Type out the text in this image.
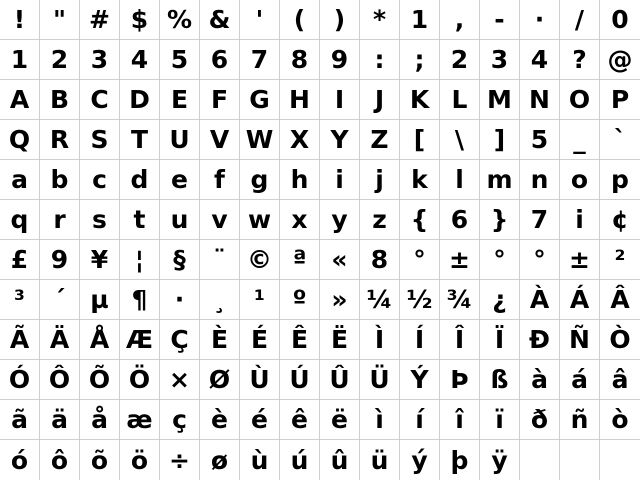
! " # $ % & ' ( ) * 1 , - · / 0
1 2 3 4 5 6 7 8 9 : ; 2 3 4 ? @
A B C D E F G H I J K L M N O P
Q R S T U V W X Y Z [ \ ] 5 _ `
a b c d e f g h i j k l m n o p
q r s t u v w x y z { 6 } 7 i ¢
£ 9 ¥ ¦ § ¨ © ª « 8 ° ± ° ° ± ²
³ ´ µ ¶ · ¸ ¹ º » ¼ ½ ¾ ¿ À Á Â
Ã Ä Å Æ Ç È É Ê Ë Ì Í Î Ï Ð Ñ Ò
Ó Ô Õ Ö × Ø Ù Ú Û Ü Ý Þ ß à á â
ã ä å æ ç è é ê ë ì í î ï ð ñ ò
ó ô õ ö ÷ ø ù ú û ü ý þ ÿ
